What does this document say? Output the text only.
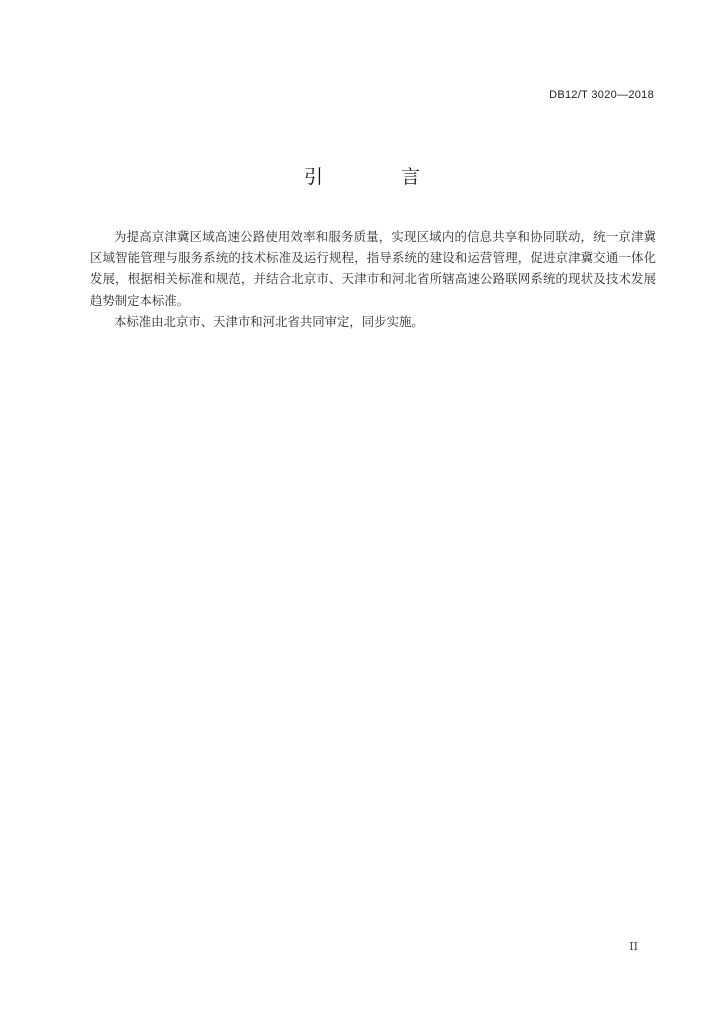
DB12/T 3020—2018
引 言

为提高京津冀区域高速公路使用效率和服务质量，实现区域内的信息共享和协同联动，统一京津冀区域智能管理与服务系统的技术标准及运行规程，指导系统的建设和运营管理，促进京津冀交通一体化发展，根据相关标准和规范，并结合北京市、天津市和河北省所辖高速公路联网系统的现状及技术发展趋势制定本标准。

本标准由北京市、天津市和河北省共同审定，同步实施。

II
